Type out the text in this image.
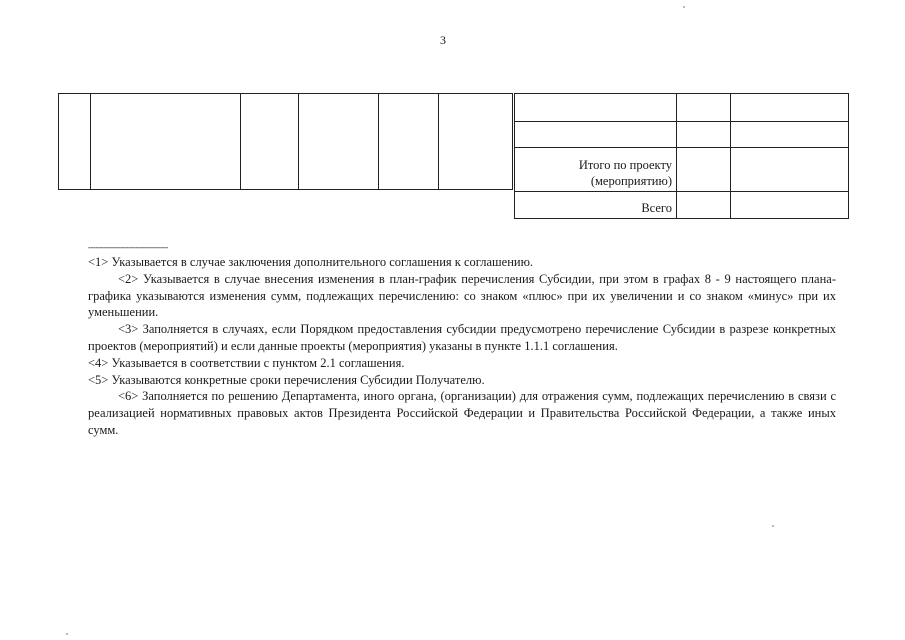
3

Итого по проекту (мероприятию)		
Всего		
--------------------------------

<1> Указывается в случае заключения дополнительного соглашения к соглашению.

<2> Указывается в случае внесения изменения в план-график перечисления Субсидии, при этом в графах 8 - 9 настоящего плана-графика указываются изменения сумм, подлежащих перечислению: со знаком «плюс» при их увеличении и со знаком «минус» при их уменьшении.

<3> Заполняется в случаях, если Порядком предоставления субсидии предусмотрено перечисление Субсидии в разрезе конкретных проектов (мероприятий) и если данные проекты (мероприятия) указаны в пункте 1.1.1 соглашения.

<4> Указывается в соответствии с пунктом 2.1 соглашения.

<5> Указываются конкретные сроки перечисления Субсидии Получателю.

<6> Заполняется по решению Департамента, иного органа, (организации) для отражения сумм, подлежащих перечислению в связи с реализацией нормативных правовых актов Президента Российской Федерации и Правительства Российской Федерации, а также иных сумм.
